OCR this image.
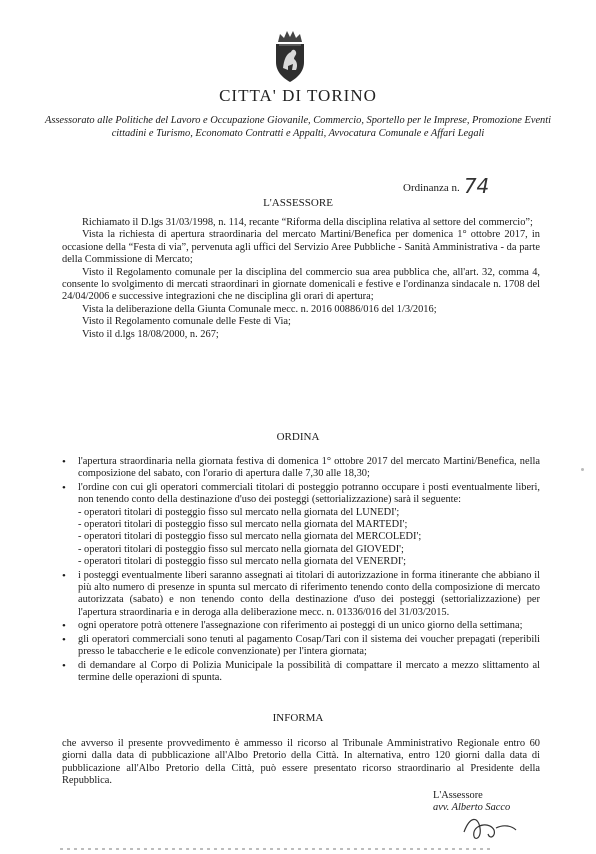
CITTA' DI TORINO
Assessorato alle Politiche del Lavoro e Occupazione Giovanile, Commercio, Sportello per le Imprese, Promozione Eventi cittadini e Turismo, Economato Contratti e Appalti, Avvocatura Comunale e Affari Legali
Ordinanza n. 74
L'ASSESSORE

Richiamato il D.lgs 31/03/1998, n. 114, recante “Riforma della disciplina relativa al settore del commercio”;

Vista la richiesta di apertura straordinaria del mercato Martini/Benefica per domenica 1° ottobre 2017, in occasione della “Festa di via”, pervenuta agli uffici del Servizio Aree Pubbliche - Sanità Amministrativa - da parte della Commissione di Mercato;

Visto il Regolamento comunale per la disciplina del commercio sua area pubblica che, all'art. 32, comma 4, consente lo svolgimento di mercati straordinari in giornate domenicali e festive e l'ordinanza sindacale n. 1708 del 24/04/2006 e successive integrazioni che ne disciplina gli orari di apertura;

Vista la deliberazione della Giunta Comunale mecc. n. 2016 00886/016 del 1/3/2016;

Visto il Regolamento comunale delle Feste di Via;

Visto il d.lgs 18/08/2000, n. 267;

ORDINA
• l'apertura straordinaria nella giornata festiva di domenica 1° ottobre 2017 del mercato Martini/Benefica, nella composizione del sabato, con l'orario di apertura dalle 7,30 alle 18,30;
• l'ordine con cui gli operatori commerciali titolari di posteggio potranno occupare i posti eventualmente liberi, non tenendo conto della destinazione d'uso dei posteggi (settorializzazione) sarà il seguente:
- operatori titolari di posteggio fisso sul mercato nella giornata del LUNEDI';
- operatori titolari di posteggio fisso sul mercato nella giornata del MARTEDI';
- operatori titolari di posteggio fisso sul mercato nella giornata del MERCOLEDI';
- operatori titolari di posteggio fisso sul mercato nella giornata del GIOVEDI';
- operatori titolari di posteggio fisso sul mercato nella giornata del VENERDI';
• i posteggi eventualmente liberi saranno assegnati ai titolari di autorizzazione in forma itinerante che abbiano il più alto numero di presenze in spunta sul mercato di riferimento tenendo conto della composizione di mercato autorizzata (sabato) e non tenendo conto della destinazione d'uso dei posteggi (settorializzazione) per l'apertura straordinaria e in deroga alla deliberazione mecc. n. 01336/016 del 31/03/2015.
• ogni operatore potrà ottenere l'assegnazione con riferimento ai posteggi di un unico giorno della settimana;
• gli operatori commerciali sono tenuti al pagamento Cosap/Tari con il sistema dei voucher prepagati (reperibili presso le tabaccherie e le edicole convenzionate) per l'intera giornata;
• di demandare al Corpo di Polizia Municipale la possibilità di compattare il mercato a mezzo slittamento al termine delle operazioni di spunta.
INFORMA
che avverso il presente provvedimento è ammesso il ricorso al Tribunale Amministrativo Regionale entro 60 giorni dalla data di pubblicazione all'Albo Pretorio della Città. In alternativa, entro 120 giorni dalla data di pubblicazione all'Albo Pretorio della Città, può essere presentato ricorso straordinario al Presidente della Repubblica.
L'Assessore
avv. Alberto Sacco
